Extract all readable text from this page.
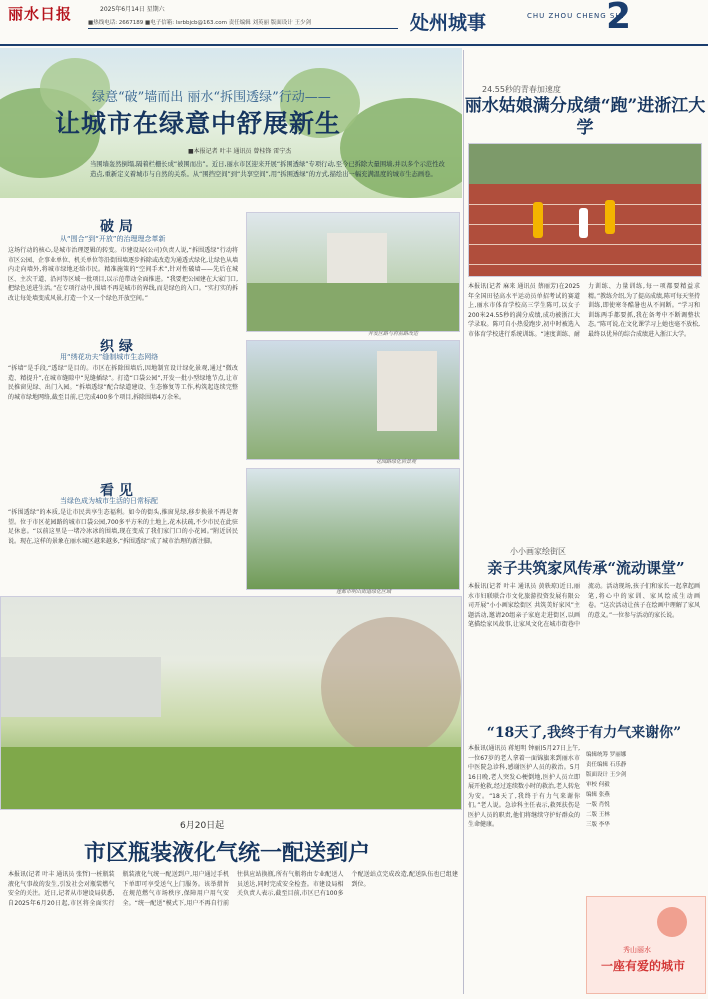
丽水日报	2025年6月14日 星期六
■热线电话: 2667189 ■电子信箱: lsrbbjcb@163.com 责任编辑 刘英丽 版面设计 王少剑	处州城事	CHU ZHOU CHENG SHI
2
绿意“破”墙而出 丽水“拆围透绿”行动——
让城市在绿意中舒展新生
■本报记者 叶丰 通讯员 曾桂锋 雷宁杰
当围墙轰然倒塌,隔着栏栅长成“被围而出”。近日,丽水市区迎来开展“拆围透绿”专项行动,至今已拆除大量围墙,并以多个示范性改造点,重新定义着城市与自然的关系。从“围挡空间”到“共享空间”,用“拆围透绿”的方式,描绘出一幅充满温度的城市生态画卷。
破 局
从“围合”到“开放”的治理理念革新
这场行动的核心,是城市治理逻辑的转变。市建设局(公司)负责人说,“拆围透绿”行动将市区公园、企事业单位、机关单位等沿街围墙逐步拆除或改造为通透式绿化,让绿色从墙内走向墙外,将城市绿地还给市民。精准施策的“空间手术”,针对性破墙——先后在城区、主次干道、沿河等区域一批项目,以示范带动全面推进。“我要把公园建在大家门口,把绿色送进生活。”在专项行动中,围墙不再是城市的界线,而是绿色的入口。“实打实的拆改让每处墙变成风景,打造一个又一个绿色开放空间。”
开发区路与府前路改造
织 绿
用“绣花功夫”缝制城市生态网络
“拆墙”是手段,“透绿”是目的。市区在拆除围墙后,因地制宜设计绿化景观,通过“微改造、精提升”,在城市缝隙中“见缝插绿”。打造“口袋公园”,开发一批小型绿地节点,让市民推窗见绿、出门入园。“拆墙透绿”配合绿道建设、生态修复等工作,构筑起连续完整的城市绿地网络,截至目前,已完成400多个项目,拆除围墙4万余米。
花园路绿化后景观
看 见
当绿色成为城市生活的日常标配
“拆围透绿”的本质,是让市民共享生态福利。如今的街头,推窗见绿,移步换景不再是奢望。位于市区花园路的城市口袋公园,700多平方米的土地上,花木扶疏,不少市民在此驻足休息。“以前这里是一堵冷冰冰的围墙,现在变成了我们家门口的小花园。”附近居民说。现在,这样的景象在丽水城区越来越多,“拆围透绿”成了城市治理的新注脚。
莲都市明山街道绿化区域
6月20日起
市区瓶装液化气统一配送到户
本报讯(记者 叶丰 通讯员 张哲)一桩瓶装液化气事故的发生,引发社会对瓶装燃气安全的关注。近日,记者从市建设局获悉,自2025年6月20日起,市区将全面实行瓶装液化气统一配送到户,用户通过手机下单即可享受送气上门服务。该举措旨在规范燃气市场秩序,保障用户用气安全。“统一配送”模式下,用户不再自行前往供应站换瓶,所有气瓶将由专业配送人员送达,同时完成安全检查。市建设局相关负责人表示,截至目前,市区已有100多个配送站点完成改造,配送队伍也已组建到位。
24.55秒的青春加速度
丽水姑娘满分成绩“跑”进浙江大学
本报讯(记者 麻来 通讯员 蔡丽芳)在2025年全国田径高水平运动员单招考试的赛道上,丽水市体育学校高三学生陈可,以女子200米24.55秒的满分成绩,成功被浙江大学录取。陈可自小热爱跑步,初中时被选入市体育学校进行系统训练。“速度训练、耐力训练、力量训练,每一项都要精益求精。”教练介绍,为了提高成绩,陈可每天坚持训练,即使寒冬酷暑也从不间断。“学习和训练两手都要抓,我在备考中不断调整状态。”陈可说,在文化课学习上她也毫不放松,最终以优异的综合成绩进入浙江大学。
小小画家绘街区
亲子共筑家风传承“流动课堂”
本报讯(记者 叶丰 通讯员 黄轶琼)近日,丽水市妇联联合市文化旅游投资发展有限公司开展“小小画家绘街区 共筑美好家风”主题活动,邀请20组亲子家庭走进街区,以画笔描绘家风故事,让家风文化在城市街巷中流动。活动现场,孩子们和家长一起拿起画笔,将心中的家训、家风绘成生动画卷。“这次活动让孩子在绘画中理解了家风的意义。”一位参与活动的家长说。
“18天了,我终于有力气来谢你”
本报讯(通讯员 蒋旭明 钟丽)5月27日上午,一位67岁的老人拿着一面锦旗来到丽水市中医院急诊科,感谢医护人员的救治。5月16日晚,老人突发心梗倒地,医护人员立即展开抢救,经过连续数小时的救治,老人转危为安。“18天了,我终于有力气来谢你们。”老人说。急诊科主任表示,救死扶伤是医护人员的职责,他们将继续守护好群众的生命健康。
编辑统筹 罗丽娜
责任编辑 石乐静
版面设计 王少剑
审校 何毅
编辑 张燕
一版 肖悦
二版 王林
三版 李华
秀山丽水
一座有爱的城市
